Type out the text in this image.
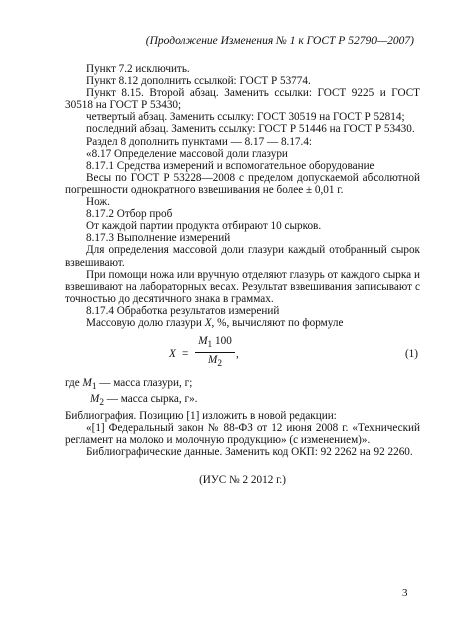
(Продолжение Изменения № 1 к ГОСТ Р 52790—2007)

Пункт 7.2 исключить.

Пункт 8.12 дополнить ссылкой: ГОСТ Р 53774.

Пункт 8.15. Второй абзац. Заменить ссылки: ГОСТ 9225 и ГОСТ 30518 на ГОСТ Р 53430;

четвертый абзац. Заменить ссылку: ГОСТ 30519 на ГОСТ Р 52814;

последний абзац. Заменить ссылку: ГОСТ Р 51446 на ГОСТ Р 53430.

Раздел 8 дополнить пунктами — 8.17 — 8.17.4:

«8.17 Определение массовой доли глазури

8.17.1 Средства измерений и вспомогательное оборудование

Весы по ГОСТ Р 53228—2008 с пределом допускаемой абсолютной погрешности однократного взвешивания не более ± 0,01 г.

Нож.

8.17.2 Отбор проб

От каждой партии продукта отбирают 10 сырков.

8.17.3 Выполнение измерений

Для определения массовой доли глазури каждый отобранный сырок взвешивают.

При помощи ножа или вручную отделяют глазурь от каждого сырка и взвешивают на лабораторных весах. Результат взвешивания записывают с точностью до десятичного знака в граммах.

8.17.4 Обработка результатов измерений

Массовую долю глазури X, %, вычисляют по формуле

$X = \frac{M_1 100}{M_2}$ ,	(1)

где $M_1$ — масса глазури, г;

$M_2$ — масса сырка, г».

Библиография. Позицию [1] изложить в новой редакции:

«[1] Федеральный закон № 88-ФЗ от 12 июня 2008 г. «Технический регламент на молоко и молочную продукцию» (с изменением)».

Библиографические данные. Заменить код ОКП: 92 2262 на 92 2260.

(ИУС № 2 2012 г.)

3
